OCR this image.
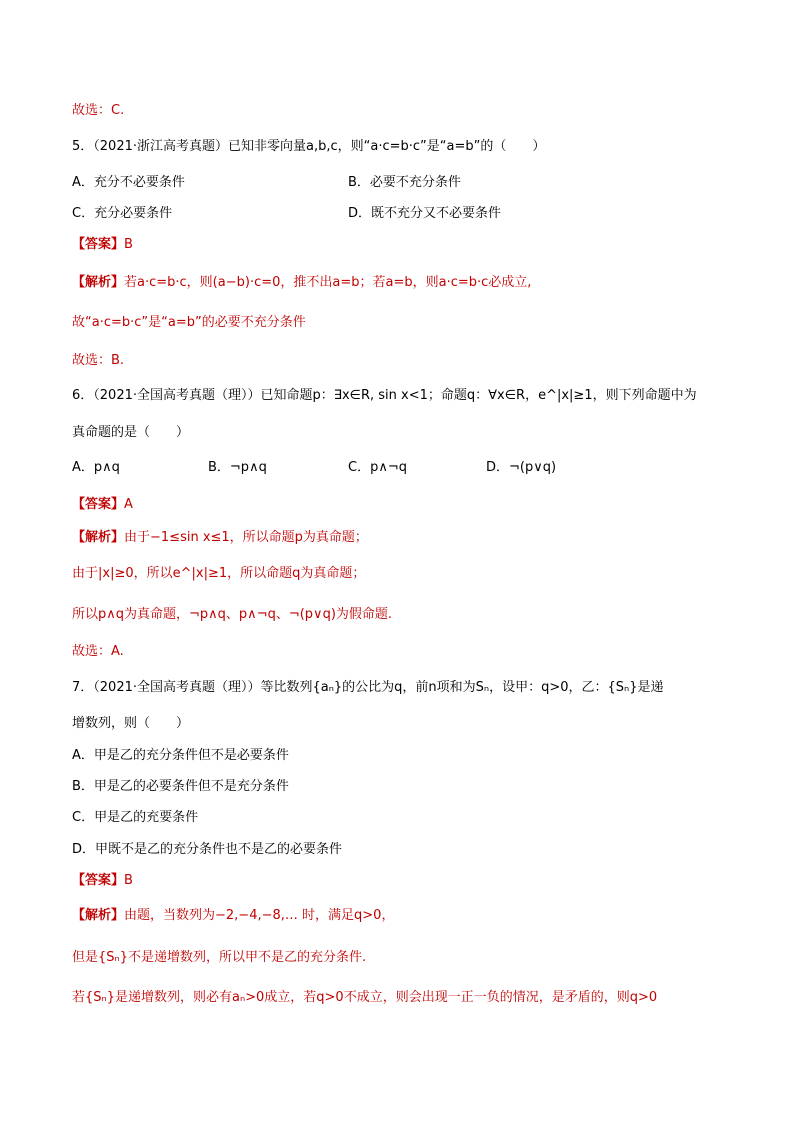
故选：C.
5．（2021·浙江高考真题）已知非零向量a,b,c，则“a·c=b·c”是“a=b”的（　　）
A．充分不必要条件	B．必要不充分条件
C．充分必要条件	D．既不充分又不必要条件
【答案】B
【解析】若a·c=b·c，则(a−b)·c=0，推不出a=b；若a=b，则a·c=b·c必成立,
故“a·c=b·c”是“a=b”的必要不充分条件
故选：B.
6．（2021·全国高考真题（理））已知命题p：∃x∈R, sin x<1；命题q：∀x∈R，e^|x|≥1，则下列命题中为
真命题的是（　　）
A．p∧q	B．¬p∧q	C．p∧¬q	D．¬(p∨q)
【答案】A
【解析】由于−1≤sin x≤1，所以命题p为真命题；
由于|x|≥0，所以e^|x|≥1，所以命题q为真命题；
所以p∧q为真命题，¬p∧q、p∧¬q、¬(p∨q)为假命题.
故选：A.
7．（2021·全国高考真题（理））等比数列{aₙ}的公比为q，前n项和为Sₙ，设甲：q>0，乙：{Sₙ}是递
增数列，则（　　）
A．甲是乙的充分条件但不是必要条件
B．甲是乙的必要条件但不是充分条件
C．甲是乙的充要条件
D．甲既不是乙的充分条件也不是乙的必要条件
【答案】B
【解析】由题，当数列为−2,−4,−8,… 时，满足q>0，
但是{Sₙ}不是递增数列，所以甲不是乙的充分条件.
若{Sₙ}是递增数列，则必有aₙ>0成立，若q>0不成立，则会出现一正一负的情况，是矛盾的，则q>0
